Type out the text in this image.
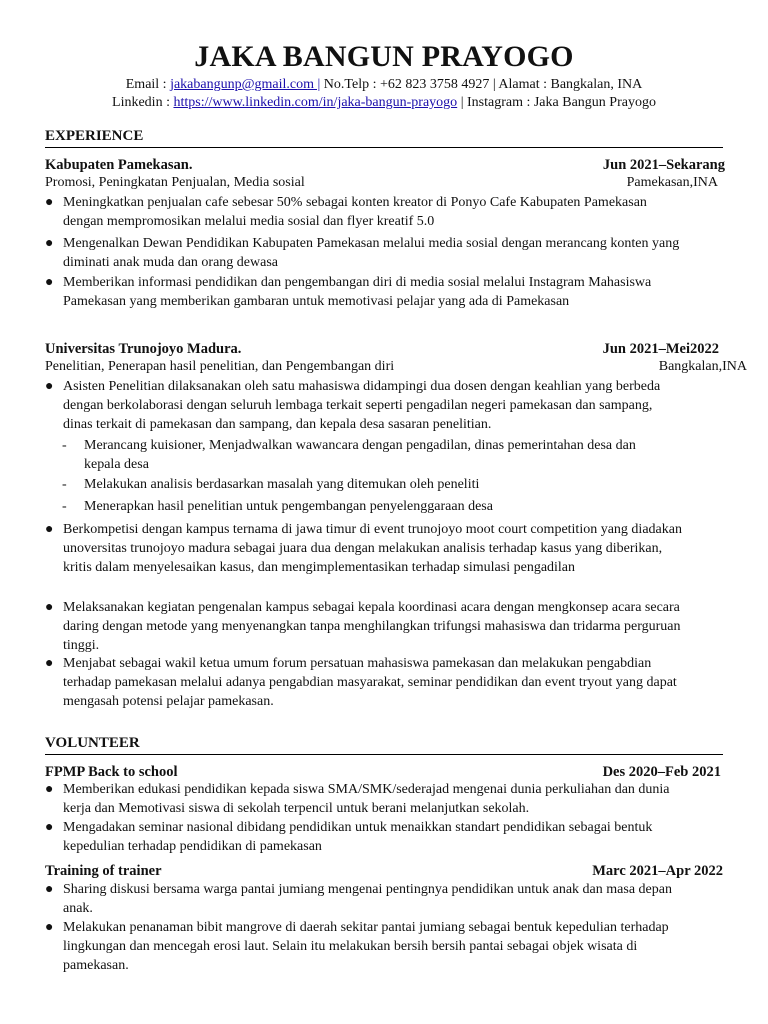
JAKA BANGUN PRAYOGO
Email : jakabangunp@gmail.com | No.Telp : +62 823 3758 4927 | Alamat : Bangkalan, INA
Linkedin : https://www.linkedin.com/in/jaka-bangun-prayogo | Instagram : Jaka Bangun Prayogo
EXPERIENCE
Kabupaten Pamekasan.	Jun 2021–Sekarang
Promosi, Peningkatan Penjualan, Media sosial	Pamekasan,INA
● Meningkatkan penjualan cafe sebesar 50% sebagai konten kreator di Ponyo Cafe Kabupaten Pamekasan dengan mempromosikan melalui media sosial dan flyer kreatif 5.0
● Mengenalkan Dewan Pendidikan Kabupaten Pamekasan melalui media sosial dengan merancang konten yang diminati anak muda dan orang dewasa
● Memberikan informasi pendidikan dan pengembangan diri di media sosial melalui Instagram Mahasiswa Pamekasan yang memberikan gambaran untuk memotivasi pelajar yang ada di Pamekasan
Universitas Trunojoyo Madura.	Jun 2021–Mei2022
Penelitian, Penerapan hasil penelitian, dan Pengembangan diri	Bangkalan,INA
● Asisten Penelitian dilaksanakan oleh satu mahasiswa didampingi dua dosen dengan keahlian yang berbeda dengan berkolaborasi dengan seluruh lembaga terkait seperti pengadilan negeri pamekasan dan sampang, dinas terkait di pamekasan dan sampang, dan kepala desa sasaran penelitian.
- Merancang kuisioner, Menjadwalkan wawancara dengan pengadilan, dinas pemerintahan desa dan kepala desa
- Melakukan analisis berdasarkan masalah yang ditemukan oleh peneliti
- Menerapkan hasil penelitian untuk pengembangan penyelenggaraan desa
● Berkompetisi dengan kampus ternama di jawa timur di event trunojoyo moot court competition yang diadakan unoversitas trunojoyo madura sebagai juara dua dengan melakukan analisis terhadap kasus yang diberikan, kritis dalam menyelesaikan kasus, dan mengimplementasikan terhadap simulasi pengadilan
● Melaksanakan kegiatan pengenalan kampus sebagai kepala koordinasi acara dengan mengkonsep acara secara daring dengan metode yang menyenangkan tanpa menghilangkan trifungsi mahasiswa dan tridarma perguruan tinggi.
● Menjabat sebagai wakil ketua umum forum persatuan mahasiswa pamekasan dan melakukan pengabdian terhadap pamekasan melalui adanya pengabdian masyarakat, seminar pendidikan dan event tryout yang dapat mengasah potensi pelajar pamekasan.
VOLUNTEER
FPMP Back to school	Des 2020–Feb 2021
● Memberikan edukasi pendidikan kepada siswa SMA/SMK/sederajad mengenai dunia perkuliahan dan dunia kerja dan Memotivasi siswa di sekolah terpencil untuk berani melanjutkan sekolah.
● Mengadakan seminar nasional dibidang pendidikan untuk menaikkan standart pendidikan sebagai bentuk kepedulian terhadap pendidikan di pamekasan
Training of trainer	Marc 2021–Apr 2022
● Sharing diskusi bersama warga pantai jumiang mengenai pentingnya pendidikan untuk anak dan masa depan anak.
● Melakukan penanaman bibit mangrove di daerah sekitar pantai jumiang sebagai bentuk kepedulian terhadap lingkungan dan mencegah erosi laut. Selain itu melakukan bersih bersih pantai sebagai objek wisata di pamekasan.
